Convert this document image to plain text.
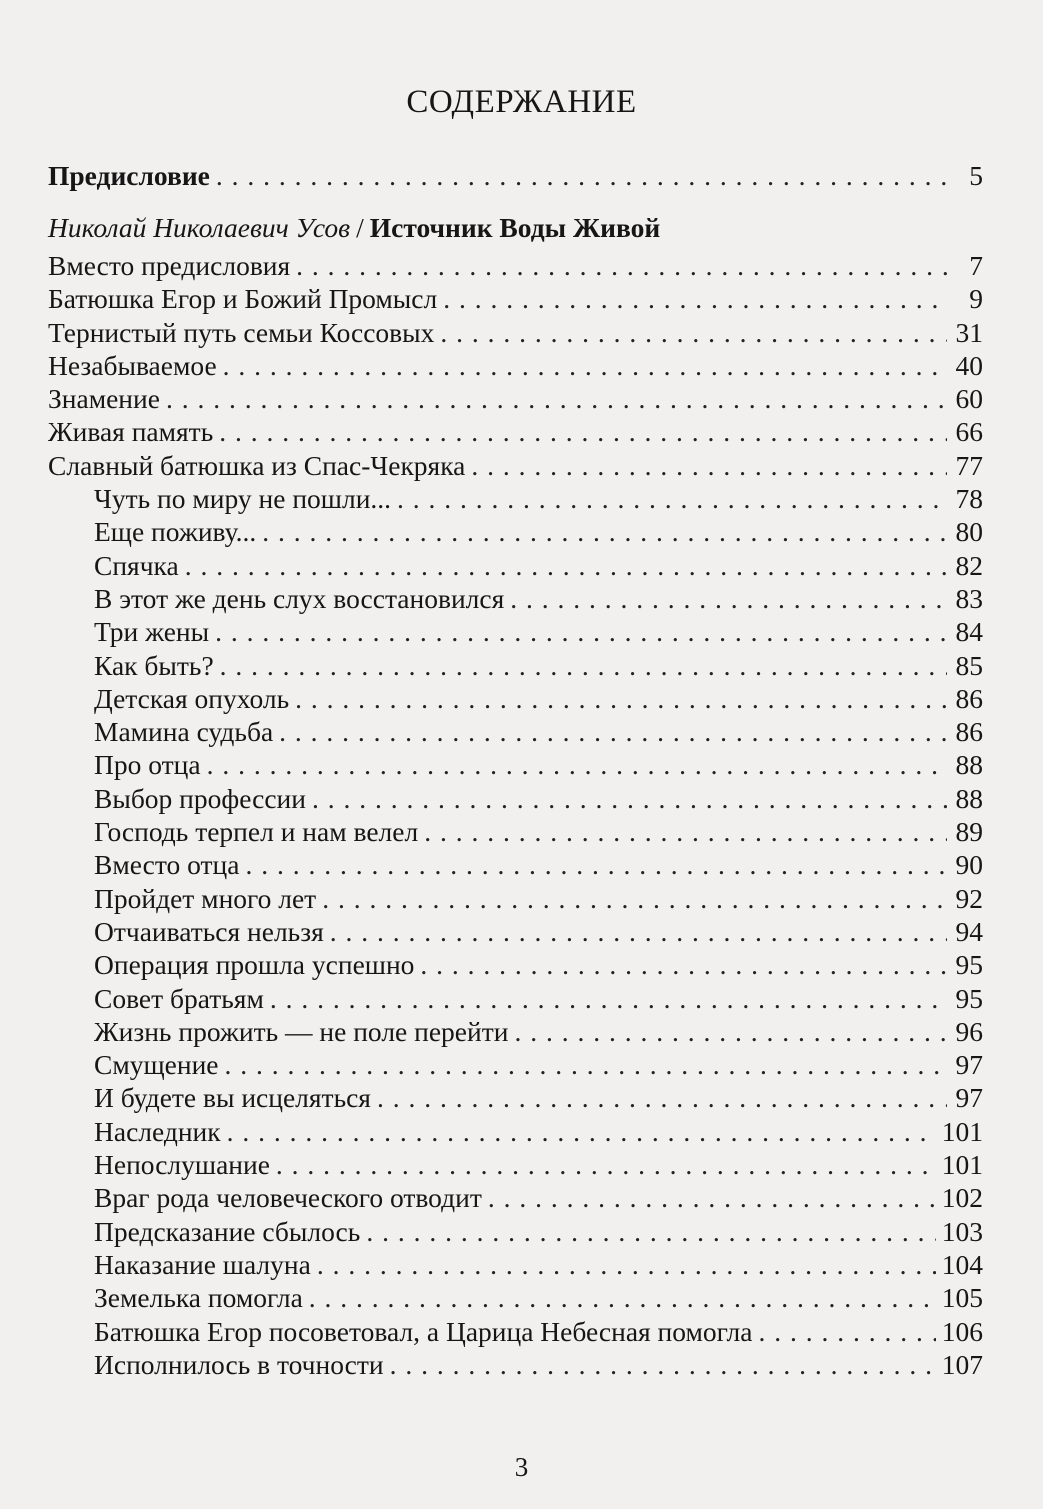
СОДЕРЖАНИЕ
Предисловие . . .	5
Николай Николаевич Усов / Источник Воды Живой
Вместо предисловия . . .	7
Батюшка Егор и Божий Промысл . . .	9
Тернистый путь семьи Коссовых . . .	31
Незабываемое . . .	40
Знамение . . .	60
Живая память . . .	66
Славный батюшка из Спас-Чекряка . . .	77
Чуть по миру не пошли... . . .	78
Еще поживу... . . .	80
Спячка . . .	82
В этот же день слух восстановился . . .	83
Три жены . . .	84
Как быть? . . .	85
Детская опухоль . . .	86
Мамина судьба . . .	86
Про отца . . .	88
Выбор профессии . . .	88
Господь терпел и нам велел . . .	89
Вместо отца . . .	90
Пройдет много лет . . .	92
Отчаиваться нельзя . . .	94
Операция прошла успешно . . .	95
Совет братьям . . .	95
Жизнь прожить — не поле перейти . . .	96
Смущение . . .	97
И будете вы исцеляться . . .	97
Наследник . . .	101
Непослушание . . .	101
Враг рода человеческого отводит . . .	102
Предсказание сбылось . . .	103
Наказание шалуна . . .	104
Земелька помогла . . .	105
Батюшка Егор посоветовал, а Царица Небесная помогла . . .	106
Исполнилось в точности . . .	107
3
